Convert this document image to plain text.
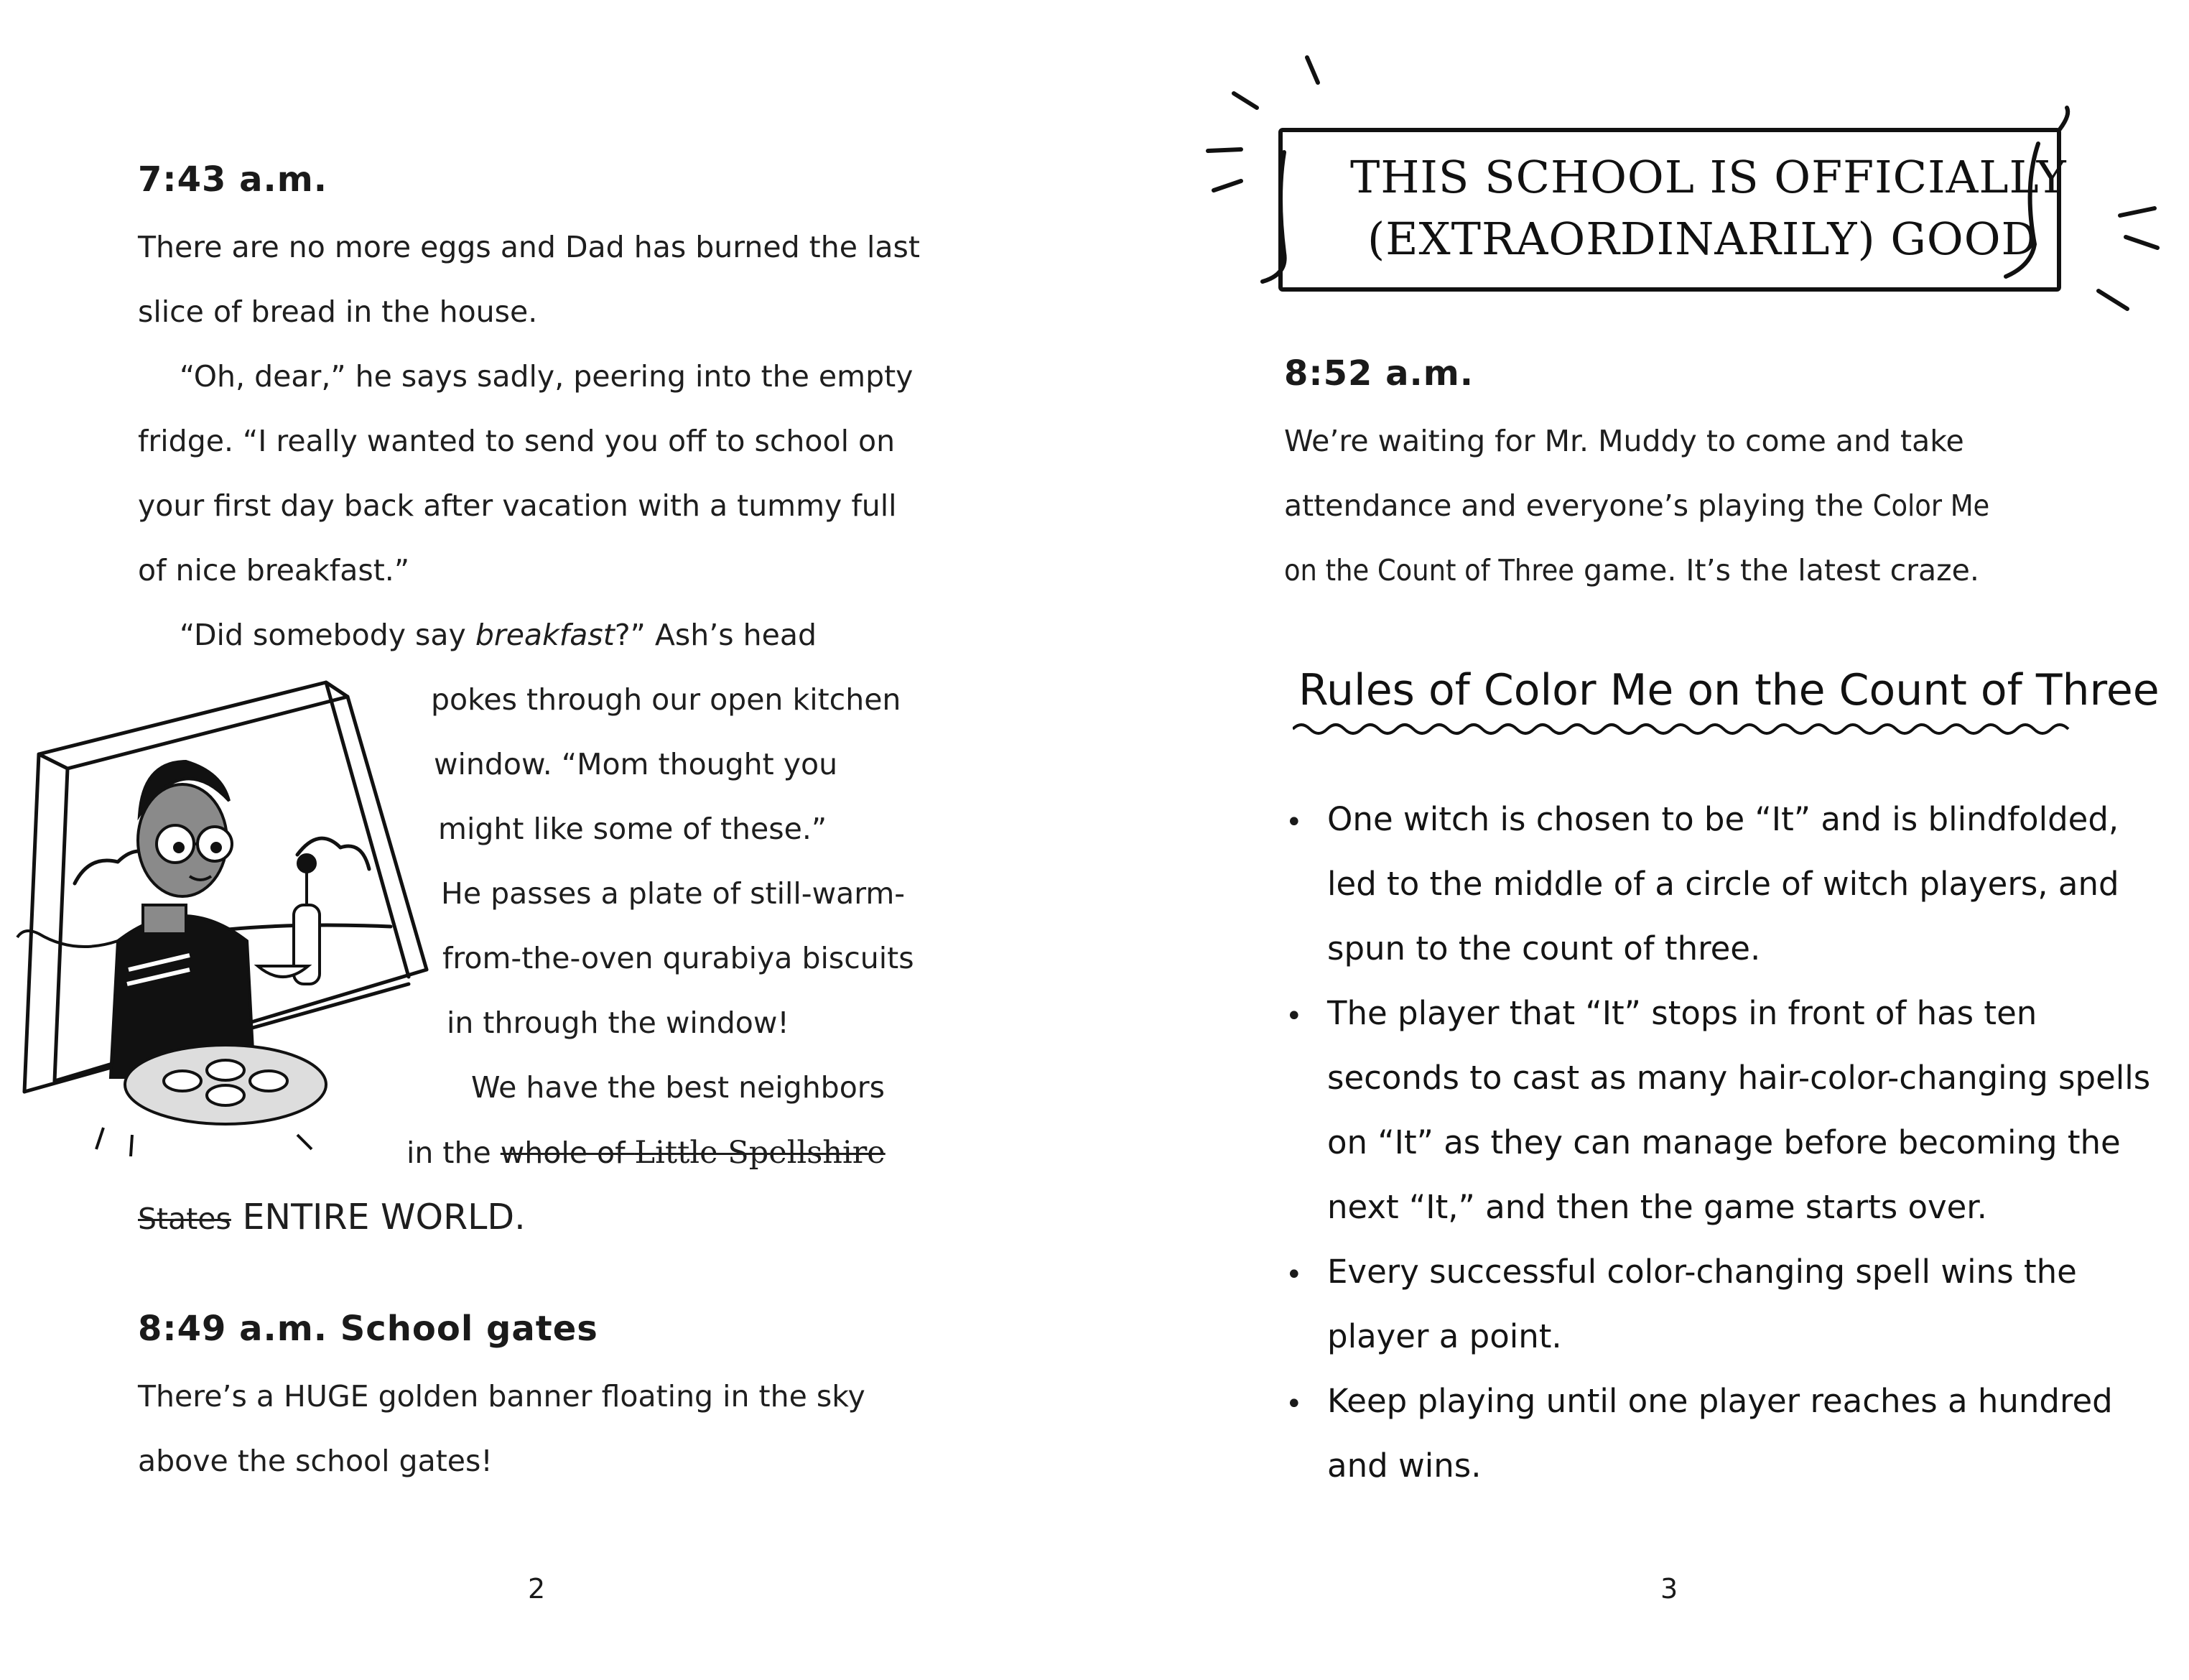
7:43 a.m.
There are no more eggs and Dad has burned the last
slice of bread in the house.
“Oh, dear,” he says sadly, peering into the empty
fridge. “I really wanted to send you off to school on
your first day back after vacation with a tummy full
of nice breakfast.”
“Did somebody say breakfast?” Ash’s head
pokes through our open kitchen
window. “Mom thought you
might like some of these.”
He passes a plate of still-warm-
from-the-oven qurabiya biscuits
in through the window!
We have the best neighbors
in the whole of Little Spellshire
States ENTIRE WORLD.
8:49 a.m. School gates
There’s a HUGE golden banner floating in the sky
above the school gates!
2
THIS SCHOOL IS OFFICIALLY
(EXTRAORDINARILY) GOOD
8:52 a.m.
We’re waiting for Mr. Muddy to come and take
attendance and everyone’s playing the Color Me
on the Count of Three game. It’s the latest craze.
Rules of Color Me on the Count of Three
• One witch is chosen to be “It” and is blindfolded,
led to the middle of a circle of witch players, and
spun to the count of three.
• The player that “It” stops in front of has ten
seconds to cast as many hair-color-changing spells
on “It” as they can manage before becoming the
next “It,” and then the game starts over.
• Every successful color-changing spell wins the
player a point.
• Keep playing until one player reaches a hundred
and wins.
3
